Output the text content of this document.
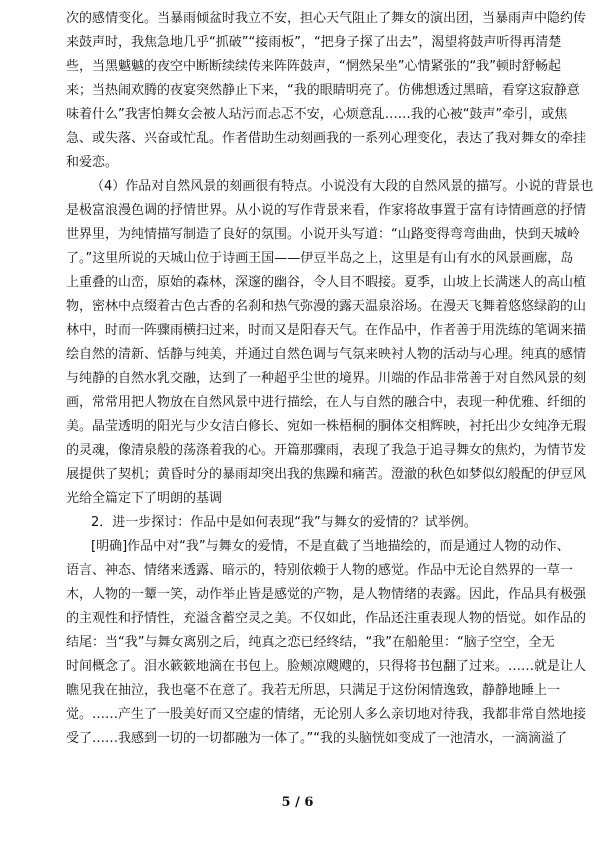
次的感情变化。当暴雨倾盆时我立不安，担心天气阻止了舞女的演出团，当暴雨声中隐约传
来鼓声时，我焦急地几乎“抓破”“接雨板”，“把身子探了出去”，渴望将鼓声听得再清楚
些，当黑魆魆的夜空中断断续续传来阵阵鼓声，“惘然呆坐”心情紧张的“我”顿时舒畅起
来；当热闹欢腾的夜宴突然静止下来，“我的眼睛明亮了。仿佛想透过黑暗，看穿这寂静意
味着什么”我害怕舞女会被人玷污而忐忑不安，心烦意乱……我的心被“鼓声”牵引，或焦
急、或失落、兴奋或忙乱。作者借助生动刻画我的一系列心理变化，表达了我对舞女的牵挂
和爱恋。
（4）作品对自然风景的刻画很有特点。小说没有大段的自然风景的描写。小说的背景也
是极富浪漫色调的抒情世界。从小说的写作背景来看，作家将故事置于富有诗情画意的抒情
世界里，为纯情描写制造了良好的氛围。小说开头写道：“山路变得弯弯曲曲，快到天城岭
了。”这里所说的天城山位于诗画王国——伊豆半岛之上，这里是有山有水的风景画廊，岛
上重叠的山峦，原始的森林，深邃的幽谷，令人目不暇接。夏季，山坡上长满迷人的高山植
物，密林中点缀着古色古香的名刹和热气弥漫的露天温泉浴场。在漫天飞舞着悠悠绿韵的山
林中，时而一阵骤雨横扫过来，时而又是阳春天气。在作品中，作者善于用洗练的笔调来描
绘自然的清新、恬静与纯美，并通过自然色调与气氛来映衬人物的活动与心理。纯真的感情
与纯静的自然水乳交融，达到了一种超乎尘世的境界。川端的作品非常善于对自然风景的刻
画，常常用把人物放在自然风景中进行描绘，在人与自然的融合中，表现一种优雅、纤细的
美。晶莹透明的阳光与少女洁白修长、宛如一株梧桐的胴体交相辉映，衬托出少女纯净无瑕
的灵魂，像清泉般的荡涤着我的心。开篇那骤雨，表现了我急于追寻舞女的焦灼，为情节发
展提供了契机；黄昏时分的暴雨却突出我的焦躁和痛苦。澄澈的秋色如梦似幻般配的伊豆风
光给全篇定下了明朗的基调
2．进一步探讨：作品中是如何表现“我”与舞女的爱情的？试举例。
[明确]作品中对“我”与舞女的爱情，不是直截了当地描绘的，而是通过人物的动作、
语言、神态、情绪来透露、暗示的，特别依赖于人物的感觉。作品中无论自然界的一草一
木，人物的一颦一笑，动作举止皆是感觉的产物，是人物情绪的表露。因此，作品具有极强
的主观性和抒情性，充溢含蓄空灵之美。不仅如此，作品还注重表现人物的悟觉。如作品的
结尾：当“我”与舞女离别之后，纯真之恋已经终结，“我”在船舱里：“脑子空空，全无
时间概念了。泪水簌簌地滴在书包上。脸颊凉飕飕的，只得将书包翻了过来。……就是让人
瞧见我在抽泣，我也毫不在意了。我若无所思，只满足于这份闲情逸致，静静地睡上一
觉。……产生了一股美好而又空虚的情绪，无论别人多么亲切地对待我，我都非常自然地接
受了……我感到一切的一切都融为一体了。”“我的头脑恍如变成了一池清水，一滴滴溢了
5 / 6
